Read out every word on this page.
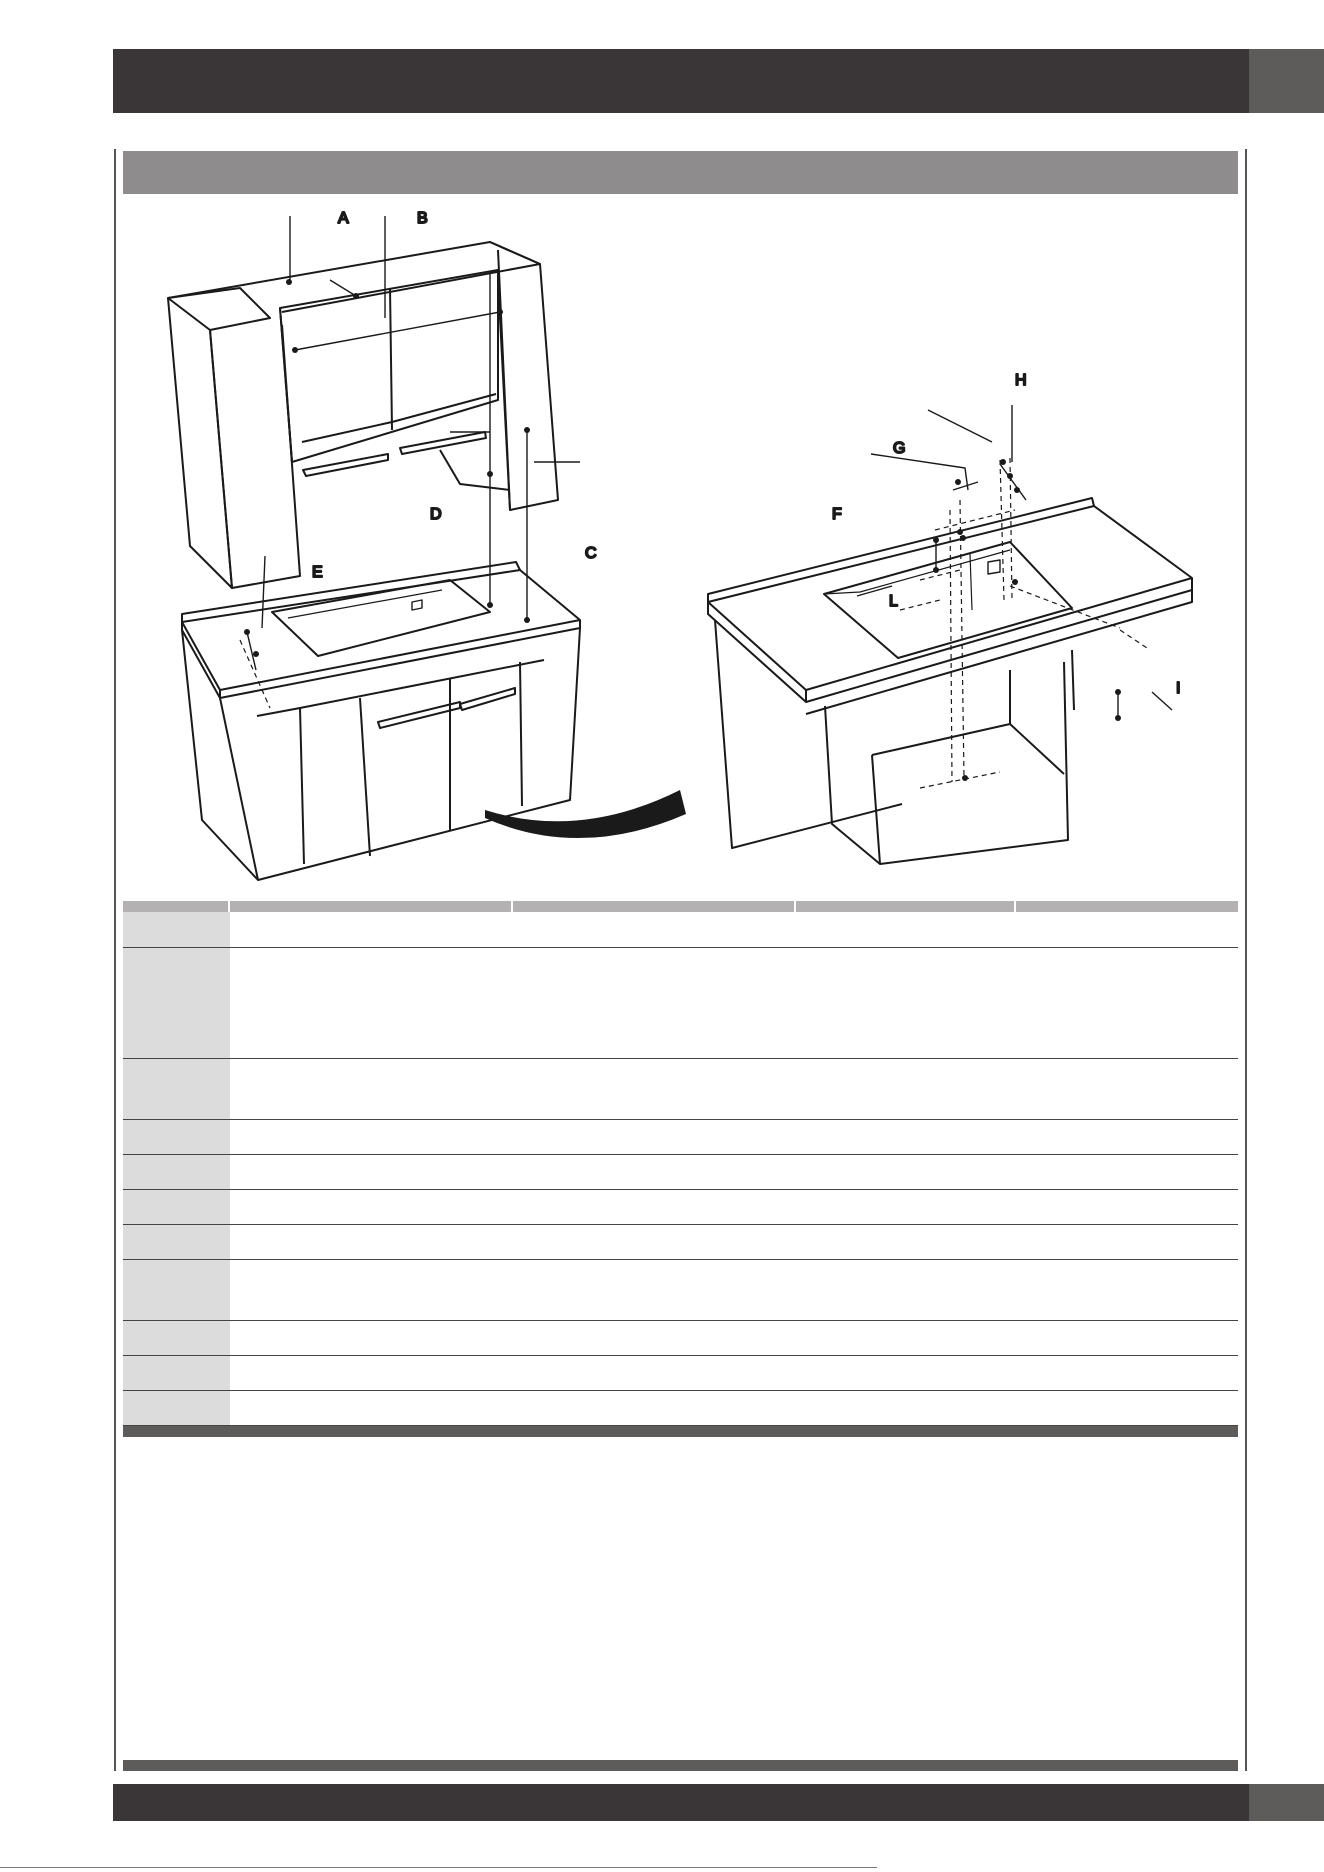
A	B
C
D
E
F
G
H
I
L
